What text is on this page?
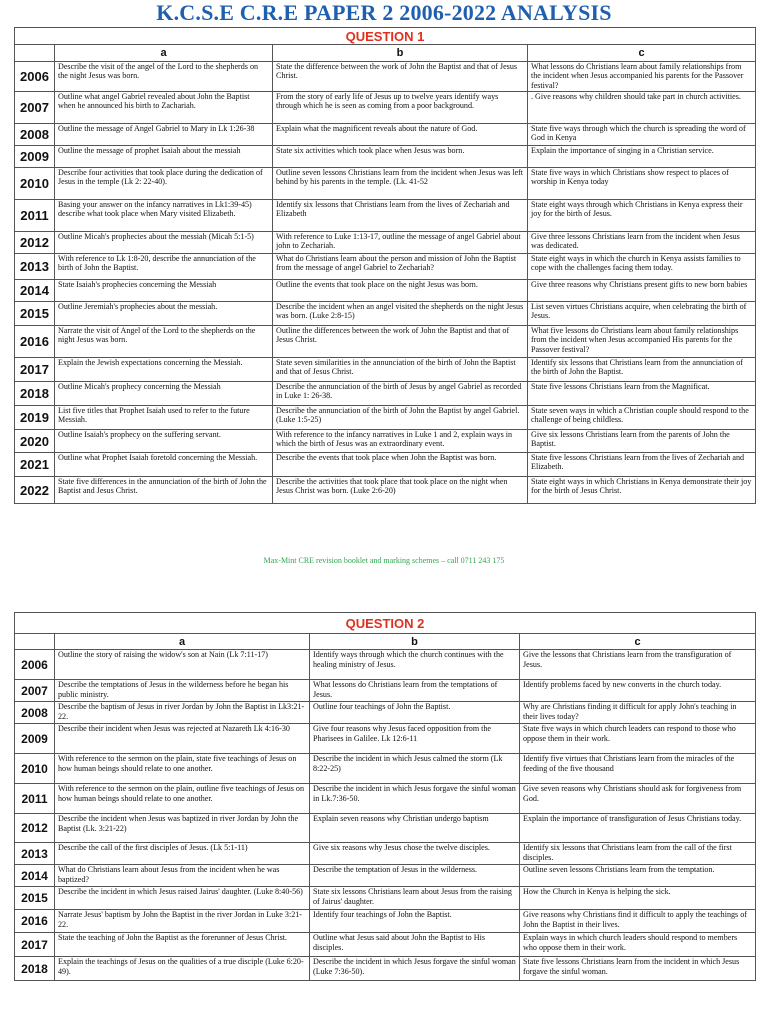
K.C.S.E C.R.E PAPER 2 2006-2022 ANALYSIS
QUESTION 1			
	a	b	c
2006	Describe the visit of the angel of the Lord to the shepherds on the night Jesus was born.	State the difference between the work of John the Baptist and that of Jesus Christ.	What lessons do Christians learn about family relationships from the incident when Jesus accompanied his parents for the Passover festival?
2007	Outline what angel Gabriel revealed about John the Baptist when he announced his birth to Zachariah.	From the story of early life of Jesus up to twelve years identify ways through which he is seen as coming from a poor background.	. Give reasons why children should take part in church activities.
2008	Outline the message of Angel Gabriel to Mary in Lk 1:26-38	Explain what the magnificent reveals about the nature of God.	State five ways through which the church is spreading the word of God in Kenya
2009	Outline the message of prophet Isaiah about the messiah	State six activities which took place when Jesus was born.	Explain the importance of singing in a Christian service.
2010	Describe four activities that took place during the dedication of Jesus in the temple (Lk 2: 22-40).	Outline seven lessons Christians learn from the incident when Jesus was left behind by his parents in the temple. (Lk. 41-52	State five ways in which Christians show respect to places of worship in Kenya today
2011	Basing your answer on the infancy narratives in Lk1:39-45) describe what took place when Mary visited Elizabeth.	Identify six lessons that Christians learn from the lives of Zechariah and Elizabeth	State eight ways through which Christians in Kenya express their joy for the birth of Jesus.
2012	Outline Micah's prophecies about the messiah (Micah 5:1-5)	With reference to Luke 1:13-17, outline the message of angel Gabriel about john to Zechariah.	Give three lessons Christians learn from the incident when Jesus was dedicated.
2013	With reference to Lk 1:8-20, describe the annunciation of the birth of John the Baptist.	What do Christians learn about the person and mission of John the Baptist from the message of angel Gabriel to Zechariah?	State eight ways in which the church in Kenya assists families to cope with the challenges facing them today.
2014	State Isaiah's prophecies concerning the Messiah	Outline the events that took place on the night Jesus was born.	Give three reasons why Christians present gifts to new born babies
2015	Outline Jeremiah's prophecies about the messiah.	Describe the incident when an angel visited the shepherds on the night Jesus was born. (Luke 2:8-15)	List seven virtues Christians acquire, when celebrating the birth of Jesus.
2016	Narrate the visit of Angel of the Lord to the shepherds on the night Jesus was born.	Outline the differences between the work of John the Baptist and that of Jesus Christ.	What five lessons do Christians learn about family relationships from the incident when Jesus accompanied His parents for the Passover festival?
2017	Explain the Jewish expectations concerning the Messiah.	State seven similarities in the annunciation of the birth of John the Baptist and that of Jesus Christ.	Identify six lessons that Christians learn from the annunciation of the birth of John the Baptist.
2018	Outline Micah's prophecy concerning the Messiah	Describe the annunciation of the birth of Jesus by angel Gabriel as recorded in Luke 1: 26-38.	State five lessons Christians learn from the Magnificat.
2019	List five titles that Prophet Isaiah used to refer to the future Messiah.	Describe the annunciation of the birth of John the Baptist by angel Gabriel. (Luke 1:5-25)	State seven ways in which a Christian couple should respond to the challenge of being childless.
2020	Outline Isaiah's prophecy on the suffering servant.	With reference to the infancy narratives in Luke 1 and 2, explain ways in which the birth of Jesus was an extraordinary event.	Give six lessons Christians learn from the parents of John the Baptist.
2021	Outline what Prophet Isaiah foretold concerning the Messiah.	Describe the events that took place when John the Baptist was born.	State five lessons Christians learn from the lives of Zechariah and Elizabeth.
2022	State five differences in the annunciation of the birth of John the Baptist and Jesus Christ.	Describe the activities that took place that took place on the night when Jesus Christ was born. (Luke 2:6-20)	State eight ways in which Christians in Kenya demonstrate their joy for the birth of Jesus Christ.
Max-Mint CRE revision booklet and marking schemes – call 0711 243 175
QUESTION 2			
	a	b	c
2006	Outline the story of raising the widow's son at Nain (Lk 7:11-17)	Identify ways through which the church continues with the healing ministry of Jesus.	Give the lessons that Christians learn from the transfiguration of Jesus.
2007	Describe the temptations of Jesus in the wilderness before he began his public ministry.	What lessons do Christians learn from the temptations of Jesus.	Identify problems faced by new converts in the church today.
2008	Describe the baptism of Jesus in river Jordan by John the Baptist in Lk3:21-22.	Outline four teachings of John the Baptist.	Why are Christians finding it difficult for apply John's teaching in their lives today?
2009	Describe their incident when Jesus was rejected at Nazareth Lk 4:16-30	Give four reasons why Jesus faced opposition from the Pharisees in Galilee. Lk 12:6-11	State five ways in which church leaders can respond to those who oppose them in their work.
2010	With reference to the sermon on the plain, state five teachings of Jesus on how human beings should relate to one another.	Describe the incident in which Jesus calmed the storm (Lk 8:22-25)	Identify five virtues that Christians learn from the miracles of the feeding of the five thousand
2011	With reference to the sermon on the plain, outline five teachings of Jesus on how human beings should relate to one another.	Describe the incident in which Jesus forgave the sinful woman in Lk.7:36-50.	Give seven reasons why Christians should ask for forgiveness from God.
2012	Describe the incident when Jesus was baptized in river Jordan by John the Baptist (Lk. 3:21-22)	Explain seven reasons why Christian undergo baptism	Explain the importance of transfiguration of Jesus Christians today.
2013	Describe the call of the first disciples of Jesus. (Lk 5:1-11)	Give six reasons why Jesus chose the twelve disciples.	Identify six lessons that Christians learn from the call of the first disciples.
2014	What do Christians learn about Jesus from the incident when he was baptized?	Describe the temptation of Jesus in the wilderness.	Outline seven lessons Christians learn from the temptation.
2015	Describe the incident in which Jesus raised Jairus' daughter. (Luke 8:40-56)	State six lessons Christians learn about Jesus from the raising of Jairus' daughter.	How the Church in Kenya is helping the sick.
2016	Narrate Jesus' baptism by John the Baptist in the river Jordan in Luke 3:21-22.	Identify four teachings of John the Baptist.	Give reasons why Christians find it difficult to apply the teachings of John the Baptist in their lives.
2017	State the teaching of John the Baptist as the forerunner of Jesus Christ.	Outline what Jesus said about John the Baptist to His disciples.	Explain ways in which church leaders should respond to members who oppose them in their work.
2018	Explain the teachings of Jesus on the qualities of a true disciple (Luke 6:20-49).	Describe the incident in which Jesus forgave the sinful woman (Luke 7:36-50).	State five lessons Christians learn from the incident in which Jesus forgave the sinful woman.
